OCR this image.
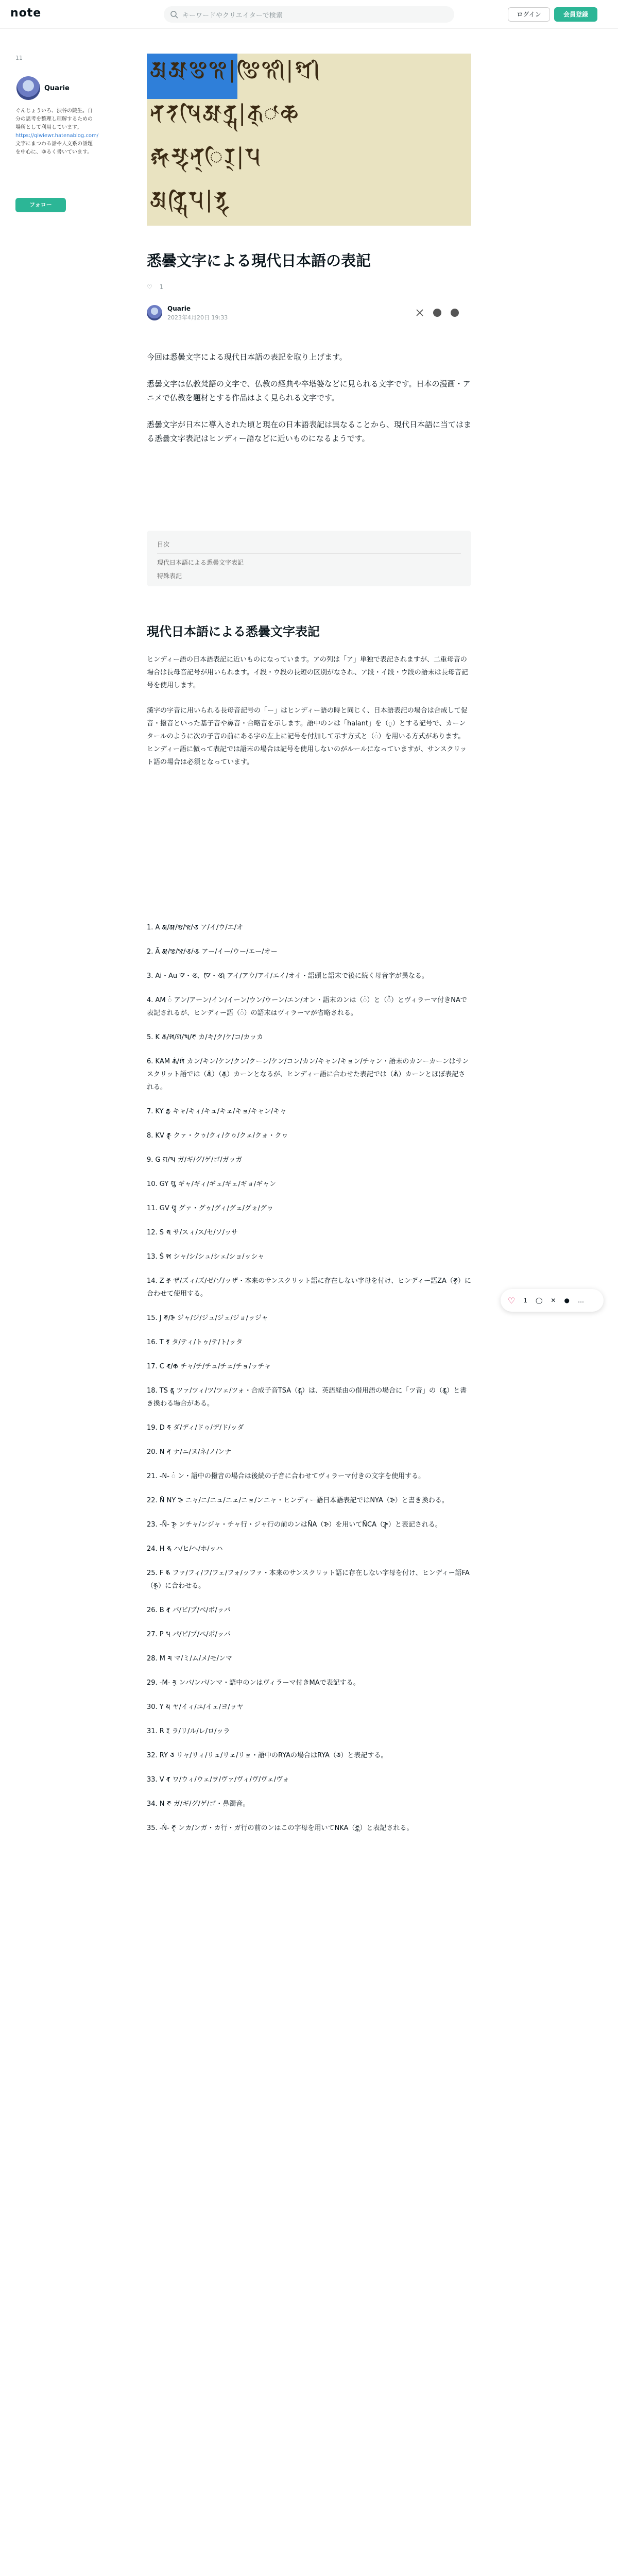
note	キーワードやクリエイターで検索	ログイン	会員登録
11
Quarie
ぐんじょういろ、渋谷の院生。自分の思考を整理し理解するための場所として利用しています。
https://qiwiewr.hatenablog.com/
文字にまつわる話や人文系の話題を中心に、ゆるく書いています。
フォロー
𑖀𑖁𑖂𑖃|𑖂𑖰𑖃𑖱|𑖫𑖿𑖨𑖱
𑖡𑖝𑖬𑖰𑖁𑖪𑖿𑖭|𑖎𑖿𑖯𑖔
𑖨𑖿𑖫𑖯𑖦𑖿𑖟𑖯𑖡𑖿𑖰𑖨𑖿|𑖢
𑖀𑖪𑖿𑖭𑖰𑖢|𑖥𑖿𑖟
悉曇文字による現代日本語の表記
♡ 1
Quarie
2023年4月20日 19:33

今回は悉曇文字による現代日本語の表記を取り上げます。

悉曇文字は仏教梵語の文字で、仏教の経典や卒塔婆などに見られる文字です。日本の漫画・アニメで仏教を題材とする作品はよく見られる文字です。

悉曇文字が日本に導入された頃と現在の日本語表記は異なることから、現代日本語に当てはまる悉曇文字表記はヒンディー語などに近いものになるようです。

目次
現代日本語による悉曇文字表記
特殊表記
現代日本語による悉曇文字表記

ヒンディー語の日本語表記に近いものになっています。アの列は「ア」単独で表記されますが、二重母音の場合は長母音記号が用いられます。イ段・ウ段の長短の区別がなされ、ア段・イ段・ウ段の語末は長母音記号を使用します。

漢字の字音に用いられる長母音記号の「ー」はヒンディー語の時と同じく、日本語表記の場合は合成して促音・撥音といった基子音や鼻音・合略音を示します。語中のンは「halant」を（𑖿）とする記号で、カーンタールのように次の子音の前にある字の左上に記号を付加して示す方式と（𑖽）を用いる方式があります。ヒンディー語に倣って表記では語末の場合は記号を使用しないのがルールになっていますが、サンスクリット語の場合は必須となっています。

1. A 𑖀/𑖁/𑖂/𑖃/𑖄 ア/イ/ウ/エ/オ
2. Ā 𑖁/𑖂/𑖃/𑖄/𑖅 アー/イー/ウー/エー/オー
3. Ai・Au 𑖊・𑖌、𑖊𑖰・𑖌𑖱 アイ/アウ/アイ/エイ/オイ・語頭と語末で後に続く母音字が異なる。
4. AM 𑖽 アン/アーン/イン/イーン/ウン/ウーン/エン/オン・語末のンは（𑖽）と（𑖼）とヴィラーマ付きNAで表記されるが、ヒンディー語（𑖽）の語末はヴィラーマが省略される。
5. K 𑖎/𑖏/𑖐/𑖑/𑖒 カ/キ/ク/ケ/コ/カッカ
6. KAM 𑖎𑖽/𑖏𑖽 カン/キン/ケン/クン/クーン/ケン/コン/カン/キャン/キョン/チャン・語末のカンーカーンはサンスクリット語では（𑖎𑖽）（𑖎𑖿）カーンとなるが、ヒンディー語に合わせた表記では（𑖎𑖽）カーンとほぼ表記される。
7. KY 𑖎𑖿𑖧 キャ/キィ/キュ/キェ/キョ/キャン/キャ
8. KV 𑖎𑖿𑖪 クァ・クゥ/クィ/クゥ/クェ/クォ・クヮ
9. G 𑖐/𑖑 ガ/ギ/グ/ゲ/ゴ/ガッガ
10. GY 𑖐𑖿𑖧 ギャ/ギィ/ギュ/ギェ/ギョ/ギャン
11. GV 𑖐𑖿𑖪 グァ・グゥ/グィ/グェ/グォ/グヮ
12. S 𑖭 サ/スィ/ス/セ/ソ/ッサ
13. Ś 𑖫 シャ/シ/シュ/シェ/ショ/ッシャ
14. Z 𑖕𑖿𑖨 ザ/ズィ/ズ/ゼ/ゾ/ッザ・本来のサンスクリット語に存在しない字母を付け、ヒンディー語ZA（𑖕𑖿）に合わせて使用する。
15. J 𑖕/𑖖 ジャ/ジ/ジュ/ジェ/ジョ/ッジャ
16. T 𑖝 タ/ティ/トゥ/テ/ト/ッタ
17. C 𑖓/𑖔 チャ/チ/チュ/チェ/チョ/ッチャ
18. TS 𑖝𑖿𑖭 ツァ/ツィ/ツ/ツェ/ツォ・合成子音TSA（𑖝𑖿𑖭）は、英語経由の借用語の場合に「ツ音」の（𑖝𑖿𑖭）と書き換わる場合がある。
19. D 𑖟 ダ/ディ/ドゥ/デ/ド/ッダ
20. N 𑖡 ナ/ニ/ヌ/ネ/ノ/ンナ
21. -N- 𑖽 ン・語中の撥音の場合は後続の子音に合わせてヴィラーマ付きの文字を使用する。
22. Ñ NY 𑖗 ニャ/ニ/ニュ/ニェ/ニョ/ンニャ・ヒンディー語日本語表記ではNYA（𑖗）と書き換わる。
23. -Ñ- 𑖗𑖿 ンチャ/ンジャ・チャ行・ジャ行の前のンはÑA（𑖗）を用いてÑCA（𑖗𑖿𑖓）と表記される。
24. H 𑖮 ハ/ヒ/ヘ/ホ/ッハ
25. F 𑖣 ファ/フィ/フ/フェ/フォ/ッファ・本来のサンスクリット語に存在しない字母を付け、ヒンディー語FA（𑖣𑖿）に合わせる。
26. B 𑖤 バ/ビ/ブ/ベ/ボ/ッバ
27. P 𑖢 パ/ピ/プ/ペ/ポ/ッパ
28. M 𑖦 マ/ミ/ム/メ/モ/ンマ
29. -M- 𑖦𑖿 ンバ/ンパ/ンマ・語中のンはヴィラーマ付きMAで表記する。
30. Y 𑖧 ヤ/イィ/ユ/イェ/ヨ/ッヤ
31. R 𑖨 ラ/リ/ル/レ/ロ/ッラ
32. RY 𑖨𑖿𑖧 リャ/リィ/リュ/リェ/リョ・語中のRYAの場合はRYA（𑖨𑖿𑖧）と表記する。
33. V 𑖪 ワ/ウィ/ウェ/ヲ/ヴァ/ヴィ/ヴ/ヴェ/ヴォ
34. N 𑖒 ガ/ギ/グ/ゲ/ゴ・鼻濁音。
35. -Ṅ- 𑖒𑖿 ンカ/ンガ・カ行・ガ行の前のンはこの字母を用いてNKA（𑖒𑖿𑖎）と表記される。
♡ 1 ◯ ✕ ● …
